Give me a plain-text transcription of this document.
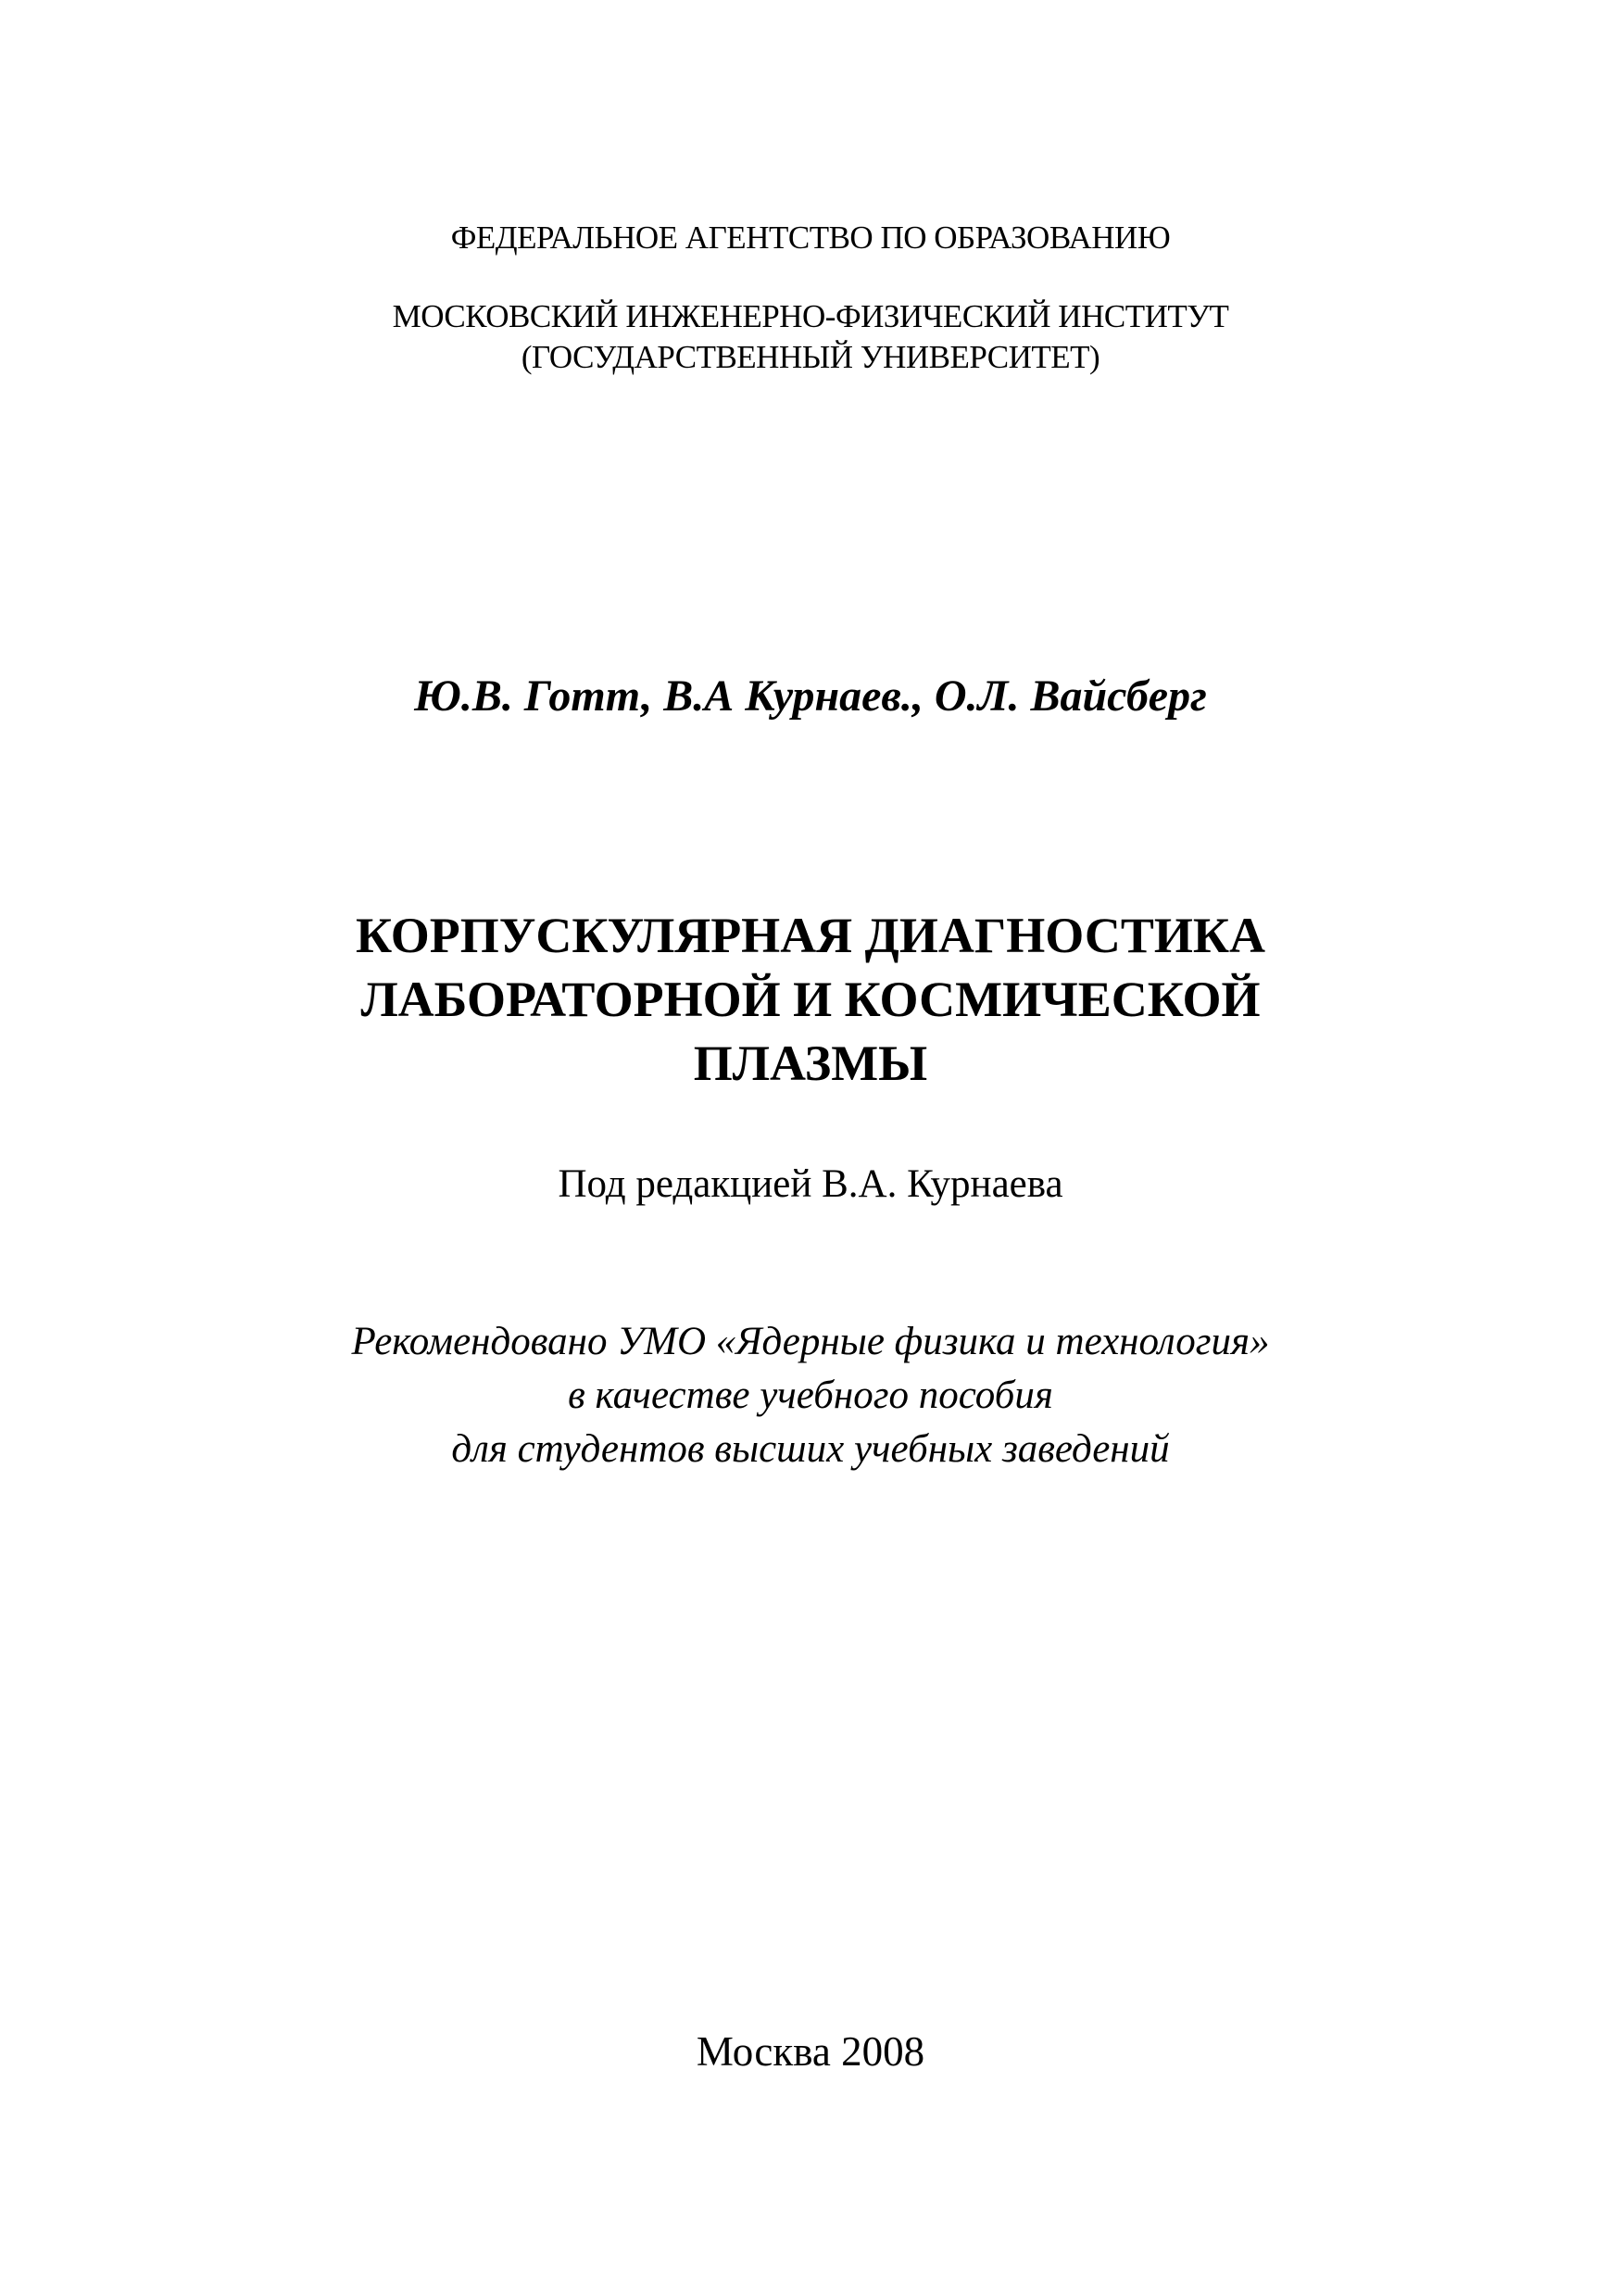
ФЕДЕРАЛЬНОЕ АГЕНТСТВО ПО ОБРАЗОВАНИЮ

МОСКОВСКИЙ ИНЖЕНЕРНО-ФИЗИЧЕСКИЙ ИНСТИТУТ

(ГОСУДАРСТВЕННЫЙ УНИВЕРСИТЕТ)

Ю.В. Готт, В.А Курнаев., О.Л. Вайсберг

КОРПУСКУЛЯРНАЯ ДИАГНОСТИКА

ЛАБОРАТОРНОЙ И КОСМИЧЕСКОЙ

ПЛАЗМЫ

Под редакцией В.А. Курнаева

Рекомендовано УМО «Ядерные физика и технология»

в качестве учебного пособия

для студентов высших учебных заведений

Москва 2008
